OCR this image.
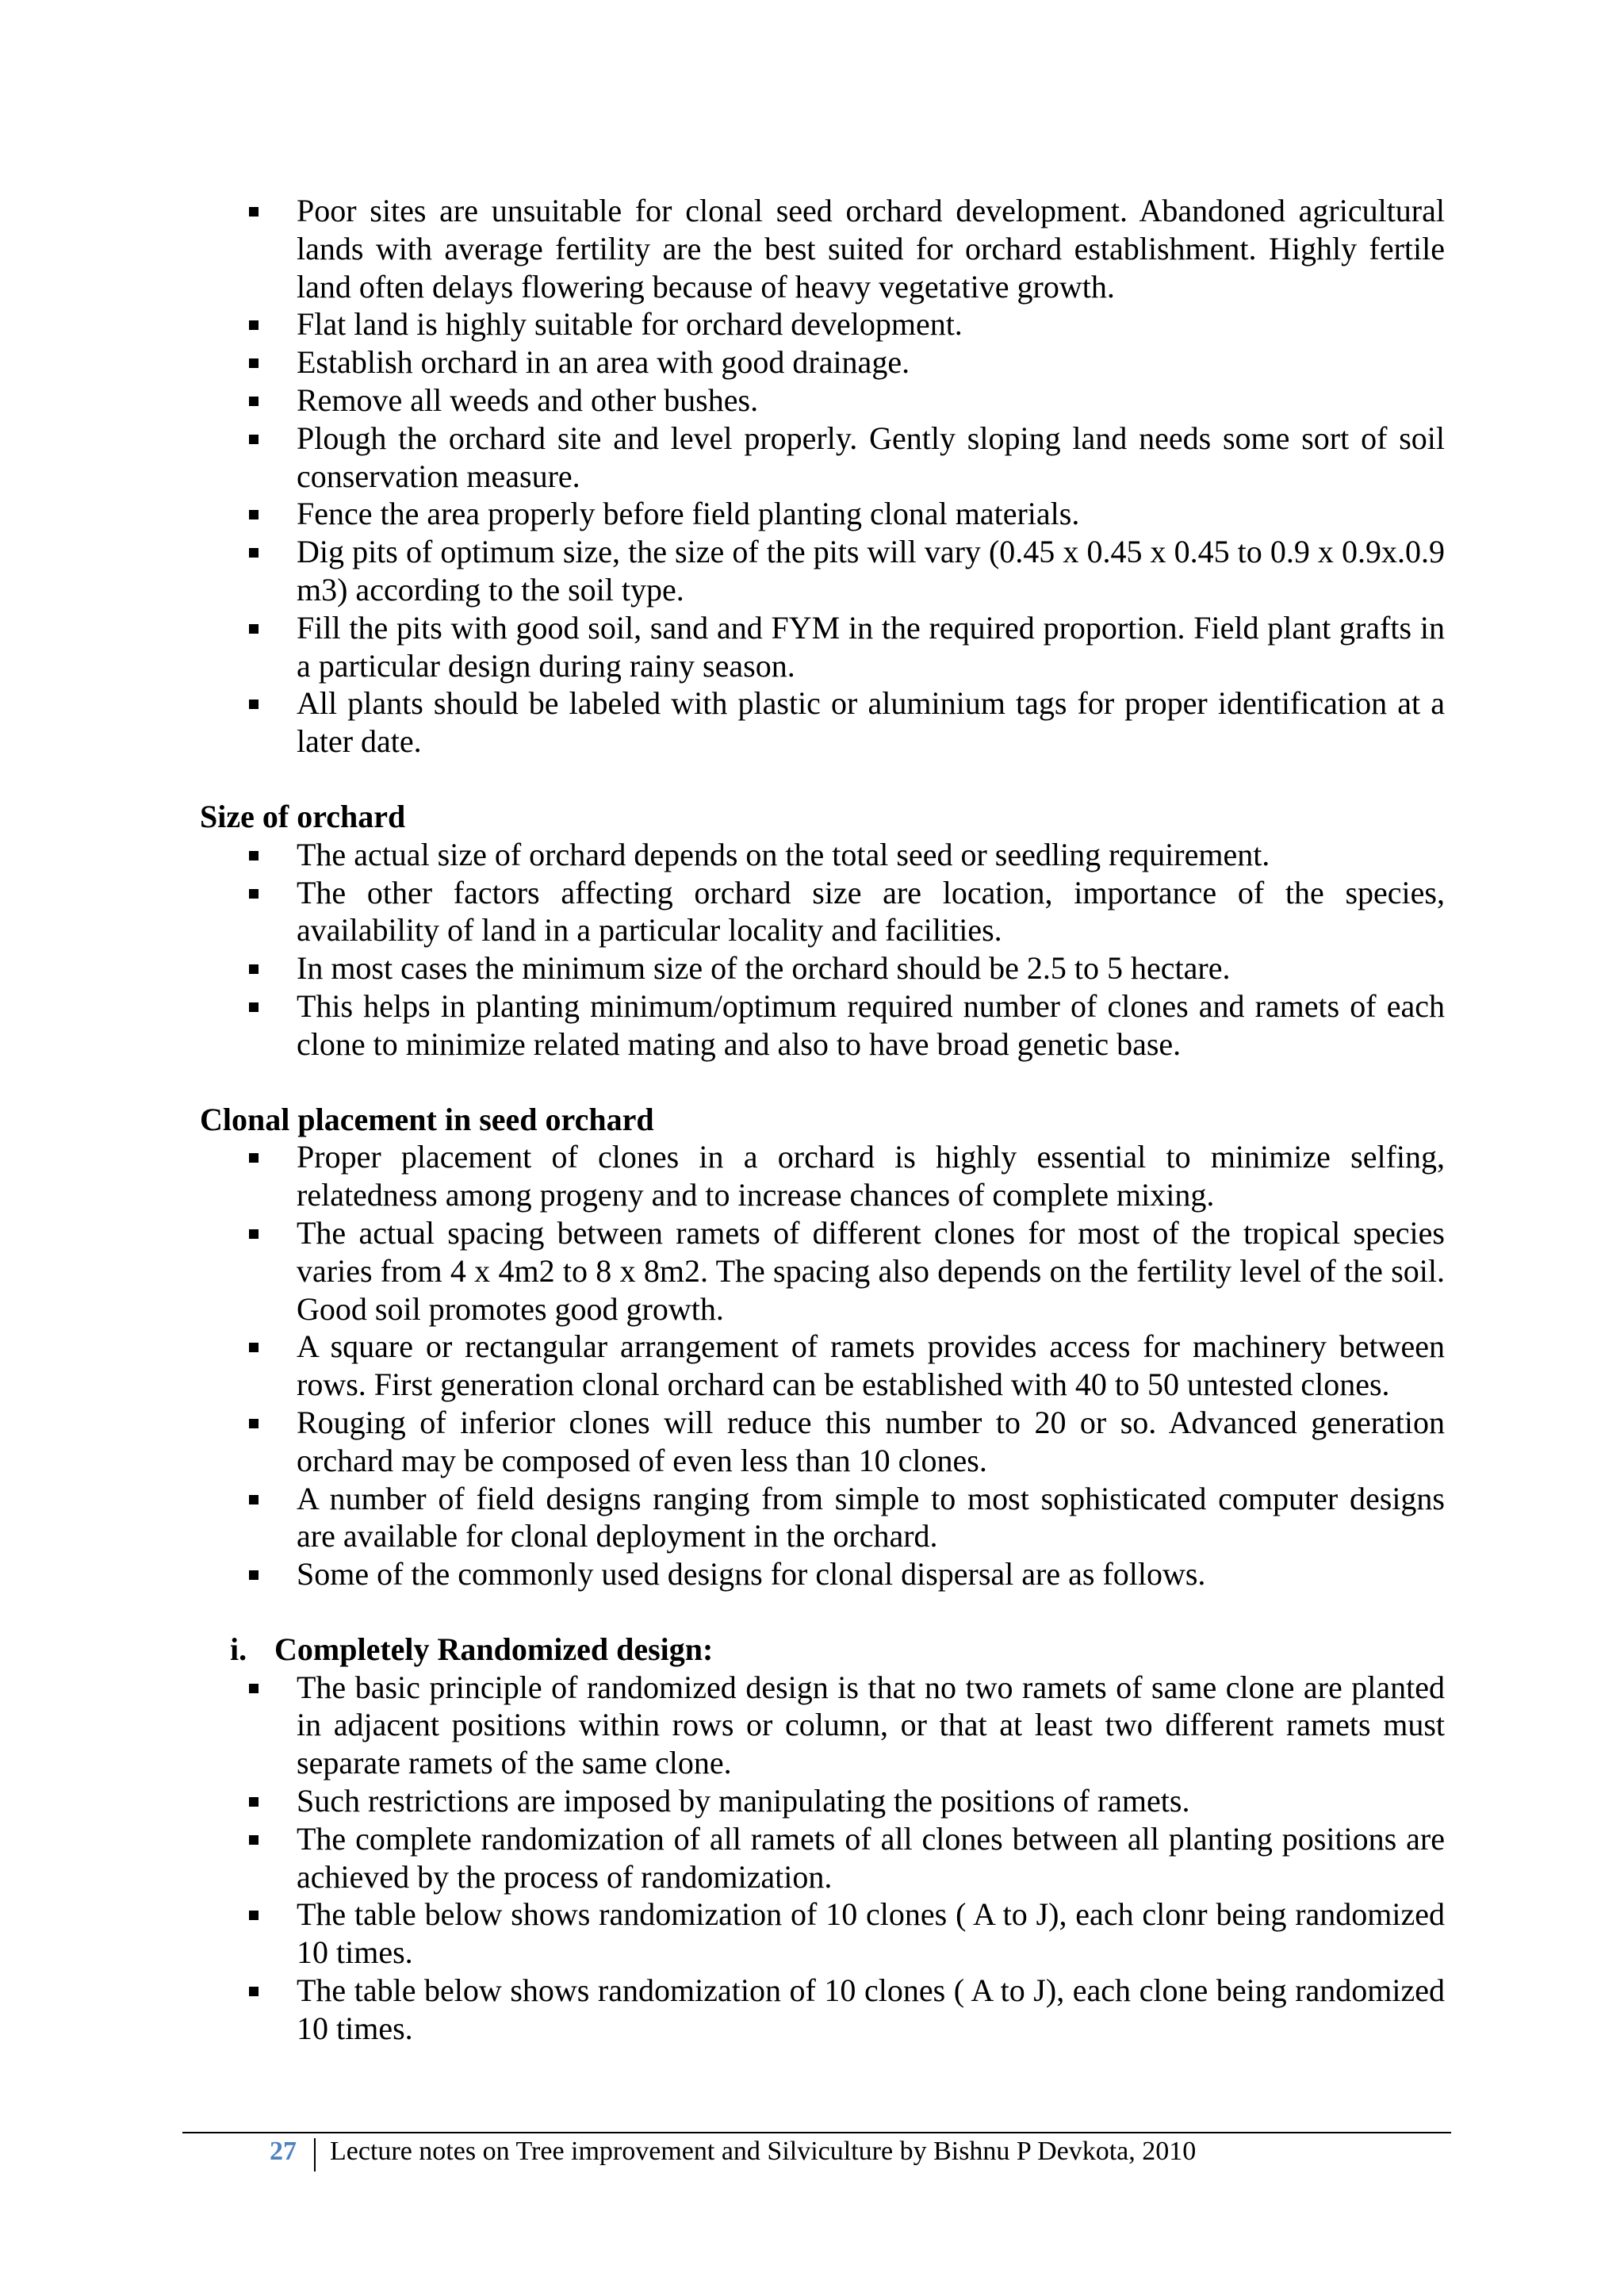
Poor sites are unsuitable for clonal seed orchard development. Abandoned agricultural lands with average fertility are the best suited for orchard establishment. Highly fertile land often delays flowering because of heavy vegetative growth.
Flat land is highly suitable for orchard development.
Establish orchard in an area with good drainage.
Remove all weeds and other bushes.
Plough the orchard site and level properly. Gently sloping land needs some sort of soil conservation measure.
Fence the area properly before field planting clonal materials.
Dig pits of optimum size, the size of the pits will vary (0.45 x 0.45 x 0.45 to 0.9 x 0.9x.0.9 m3) according to the soil type.
Fill the pits with good soil, sand and FYM in the required proportion. Field plant grafts in a particular design during rainy season.
All plants should be labeled with plastic or aluminium tags for proper identification at a later date.
Size of orchard
The actual size of orchard depends on the total seed or seedling requirement.
The other factors affecting orchard size are location, importance of the species, availability of land in a particular locality and facilities.
In most cases the minimum size of the orchard should be 2.5 to 5 hectare.
This helps in planting minimum/optimum required number of clones and ramets of each clone to minimize related mating and also to have broad genetic base.
Clonal placement in seed orchard
Proper placement of clones in a orchard is highly essential to minimize selfing, relatedness among progeny and to increase chances of complete mixing.
The actual spacing between ramets of different clones for most of the tropical species varies from 4 x 4m2 to 8 x 8m2. The spacing also depends on the fertility level of the soil. Good soil promotes good growth.
A square or rectangular arrangement of ramets provides access for machinery between rows. First generation clonal orchard can be established with 40 to 50 untested clones.
Rouging of inferior clones will reduce this number to 20 or so. Advanced generation orchard may be composed of even less than 10 clones.
A number of field designs ranging from simple to most sophisticated computer designs are available for clonal deployment in the orchard.
Some of the commonly used designs for clonal dispersal are as follows.
i. Completely Randomized design:
The basic principle of randomized design is that no two ramets of same clone are planted in adjacent positions within rows or column, or that at least two different ramets must separate ramets of the same clone.
Such restrictions are imposed by manipulating the positions of ramets.
The complete randomization of all ramets of all clones between all planting positions are achieved by the process of randomization.
The table below shows randomization of 10 clones ( A to J), each clonr being randomized 10 times.
The table below shows randomization of 10 clones ( A to J), each clone being randomized 10 times.
27	Lecture notes on Tree improvement and Silviculture by Bishnu P Devkota, 2010
